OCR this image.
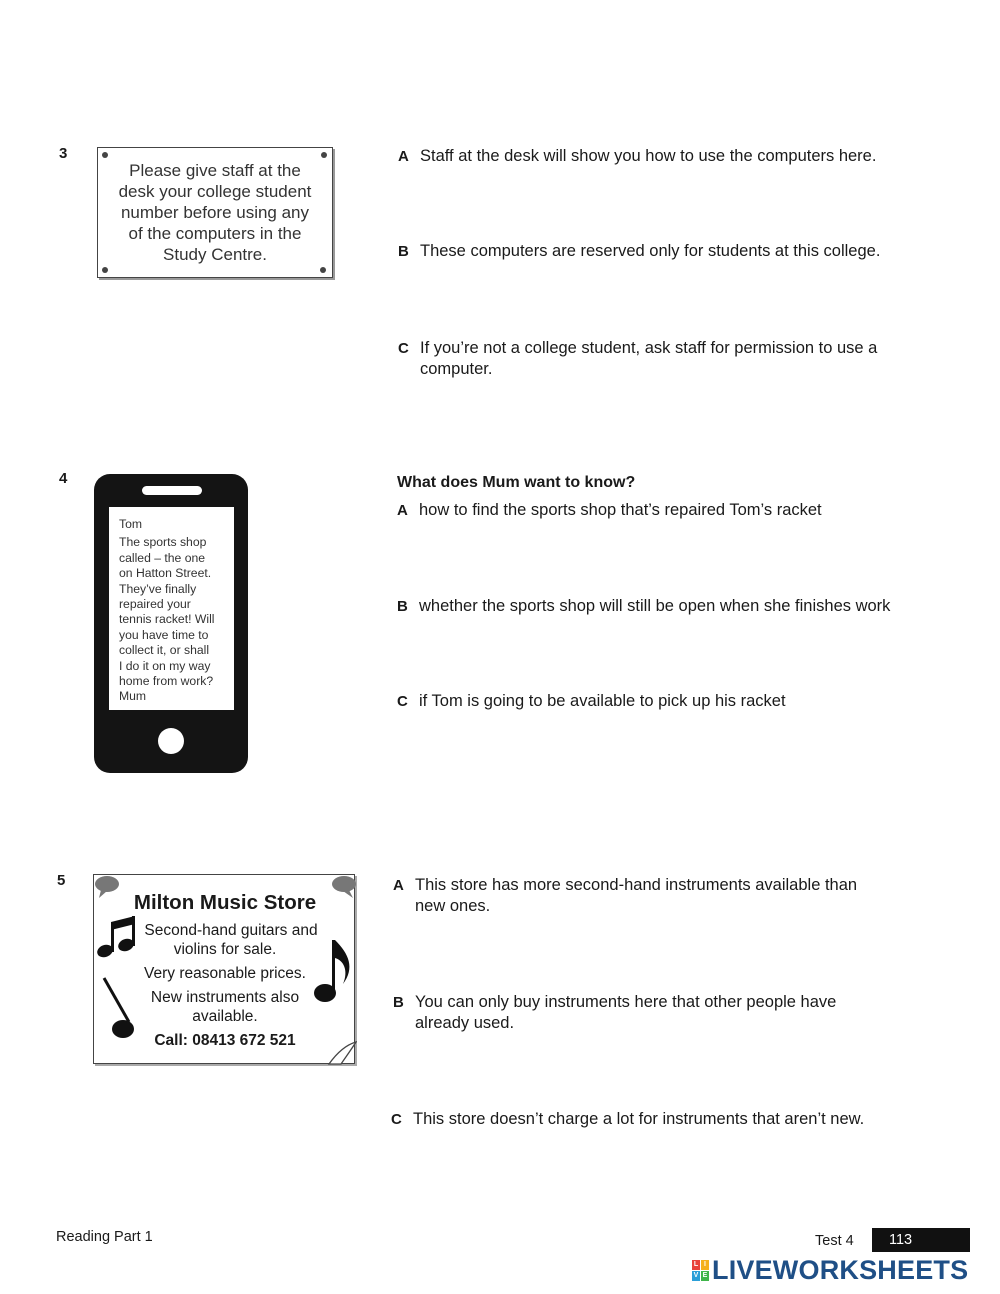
3
Please give staff at the
desk your college student
number before using any
of the computers in the
Study Centre.
A Staff at the desk will show you how to use the computers here.
B These computers are reserved only for students at this college.
C If you’re not a college student, ask staff for permission to use a computer.
4
Tom
The sports shop
called – the one
on Hatton Street.
They’ve finally
repaired your
tennis racket! Will
you have time to
collect it, or shall
I do it on my way
home from work?
Mum
What does Mum want to know?
A how to find the sports shop that’s repaired Tom’s racket
B whether the sports shop will still be open when she finishes work
C if Tom is going to be available to pick up his racket
5
Milton Music Store
Second-hand guitars and
violins for sale.
Very reasonable prices.
New instruments also
available.
Call: 08413 672 521
A This store has more second-hand instruments available than new ones.
B You can only buy instruments here that other people have already used.
C This store doesn’t charge a lot for instruments that aren’t new.
Reading Part 1	Test 4	113
L I
V E LIVEWORKSHEETS
